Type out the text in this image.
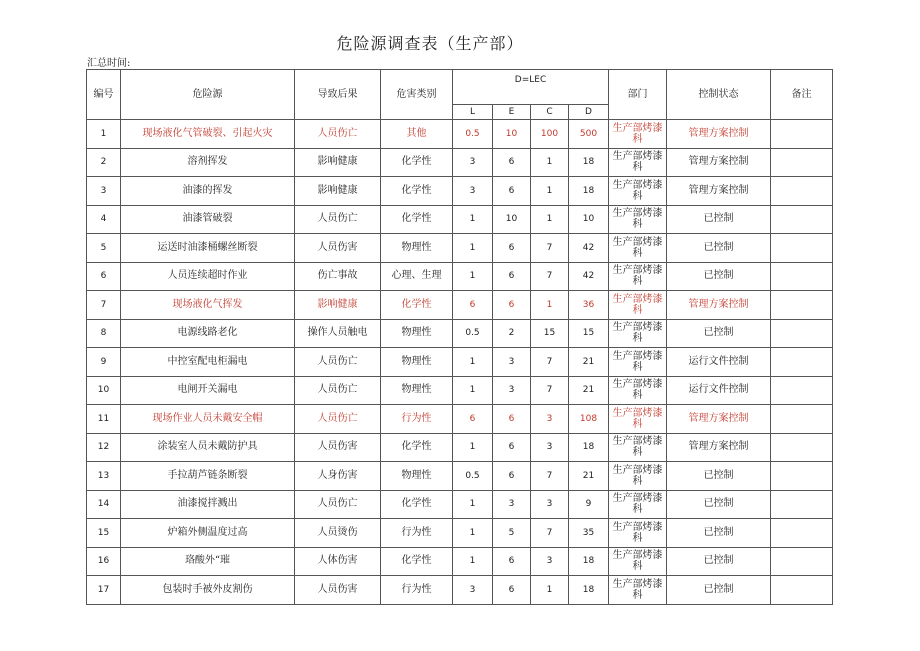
危险源调查表（生产部）
汇总时间:
编号	危险源	导致后果	危害类别	D=LEC				部门	控制状态	备注
				L	E	C	D			
1	现场液化气管破裂、引起火灾	人员伤亡	其他	0.5	10	100	500	生产部烤漆科	管理方案控制	
2	溶剂挥发	影响健康	化学性	3	6	1	18	生产部烤漆科	管理方案控制	
3	油漆的挥发	影响健康	化学性	3	6	1	18	生产部烤漆科	管理方案控制	
4	油漆管破裂	人员伤亡	化学性	1	10	1	10	生产部烤漆科	已控制	
5	运送时油漆桶螺丝断裂	人员伤害	物理性	1	6	7	42	生产部烤漆科	已控制	
6	人员连续超时作业	伤亡事故	心理、生理	1	6	7	42	生产部烤漆科	已控制	
7	现场液化气挥发	影响健康	化学性	6	6	1	36	生产部烤漆科	管理方案控制	
8	电源线路老化	操作人员触电	物理性	0.5	2	15	15	生产部烤漆科	已控制	
9	中控室配电柜漏电	人员伤亡	物理性	1	3	7	21	生产部烤漆科	运行文件控制	
10	电闸开关漏电	人员伤亡	物理性	1	3	7	21	生产部烤漆科	运行文件控制	
11	现场作业人员未戴安全帽	人员伤亡	行为性	6	6	3	108	生产部烤漆科	管理方案控制	
12	涂装室人员未戴防护具	人员伤害	化学性	1	6	3	18	生产部烤漆科	管理方案控制	
13	手拉葫芦链条断裂	人身伤害	物理性	0.5	6	7	21	生产部烤漆科	已控制	
14	油漆搅拌溅出	人员伤亡	化学性	1	3	3	9	生产部烤漆科	已控制	
15	炉箱外侧温度过高	人员烫伤	行为性	1	5	7	35	生产部烤漆科	已控制	
16	珞酸外“璀	人体伤害	化学性	1	6	3	18	生产部烤漆科	已控制	
17	包装时手被外皮割伤	人员伤害	行为性	3	6	1	18	生产部烤漆科	已控制	
